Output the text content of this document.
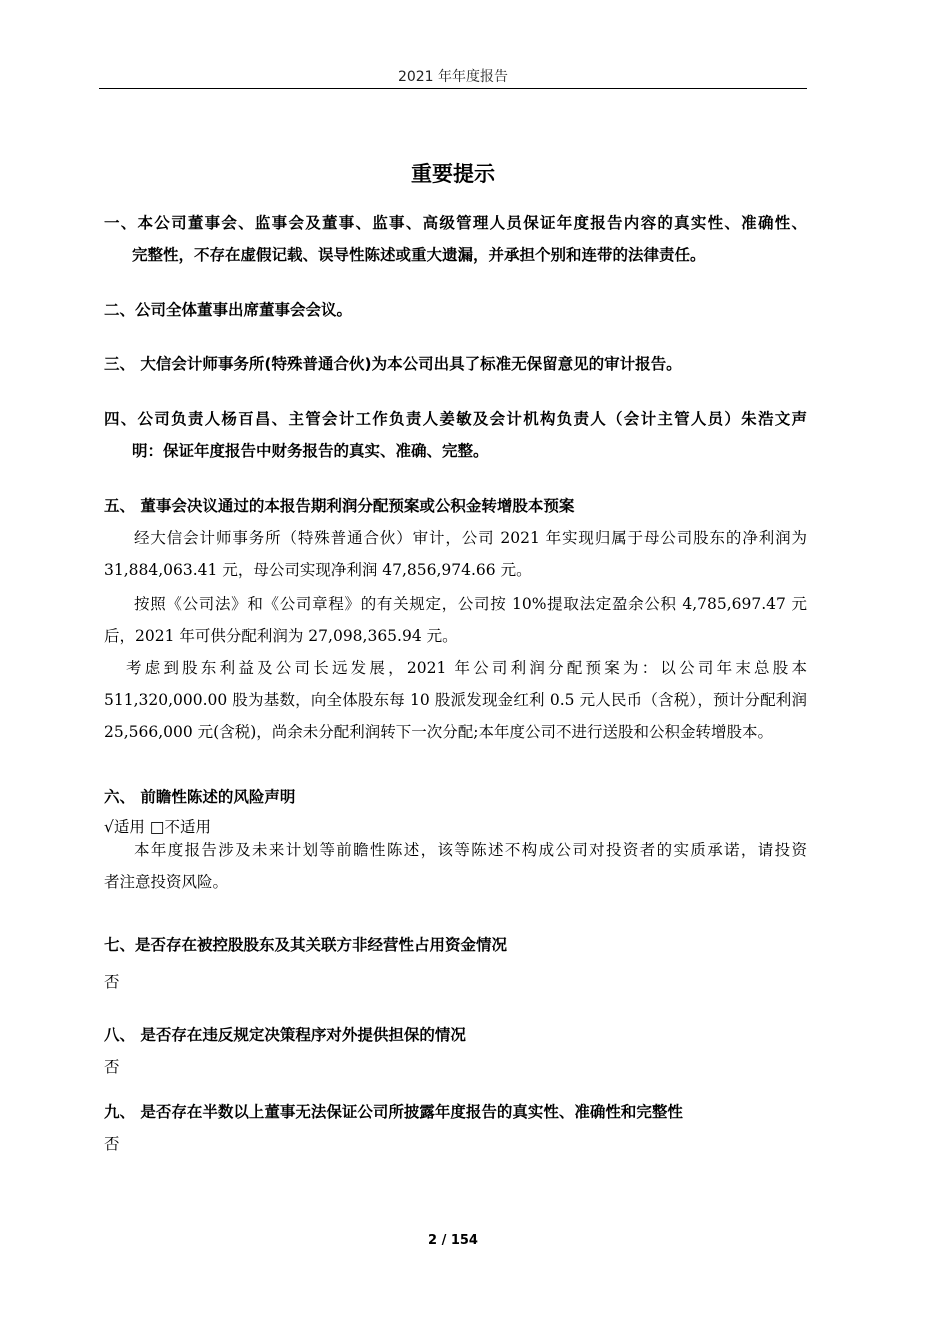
2021 年年度报告
重要提示
一、本公司董事会、监事会及董事、监事、高级管理人员保证年度报告内容的真实性、准确性、
完整性，不存在虚假记载、误导性陈述或重大遗漏，并承担个别和连带的法律责任。
二、公司全体董事出席董事会会议。
三、 大信会计师事务所(特殊普通合伙)为本公司出具了标准无保留意见的审计报告。
四、公司负责人杨百昌、主管会计工作负责人姜敏及会计机构负责人（会计主管人员）朱浩文声
明：保证年度报告中财务报告的真实、准确、完整。
五、 董事会决议通过的本报告期利润分配预案或公积金转增股本预案
经大信会计师事务所（特殊普通合伙）审计，公司 2021 年实现归属于母公司股东的净利润为
31,884,063.41 元，母公司实现净利润 47,856,974.66 元。
按照《公司法》和《公司章程》的有关规定，公司按 10%提取法定盈余公积 4,785,697.47 元
后，2021 年可供分配利润为 27,098,365.94 元。
考虑到股东利益及公司长远发展，2021 年公司利润分配预案为：以公司年末总股本
511,320,000.00 股为基数，向全体股东每 10 股派发现金红利 0.5 元人民币（含税），预计分配利润
25,566,000 元(含税)，尚余未分配利润转下一次分配;本年度公司不进行送股和公积金转增股本。
六、 前瞻性陈述的风险声明
√适用 □不适用
本年度报告涉及未来计划等前瞻性陈述，该等陈述不构成公司对投资者的实质承诺，请投资
者注意投资风险。
七、是否存在被控股股东及其关联方非经营性占用资金情况
否
八、 是否存在违反规定决策程序对外提供担保的情况
否
九、 是否存在半数以上董事无法保证公司所披露年度报告的真实性、准确性和完整性
否
2 / 154
